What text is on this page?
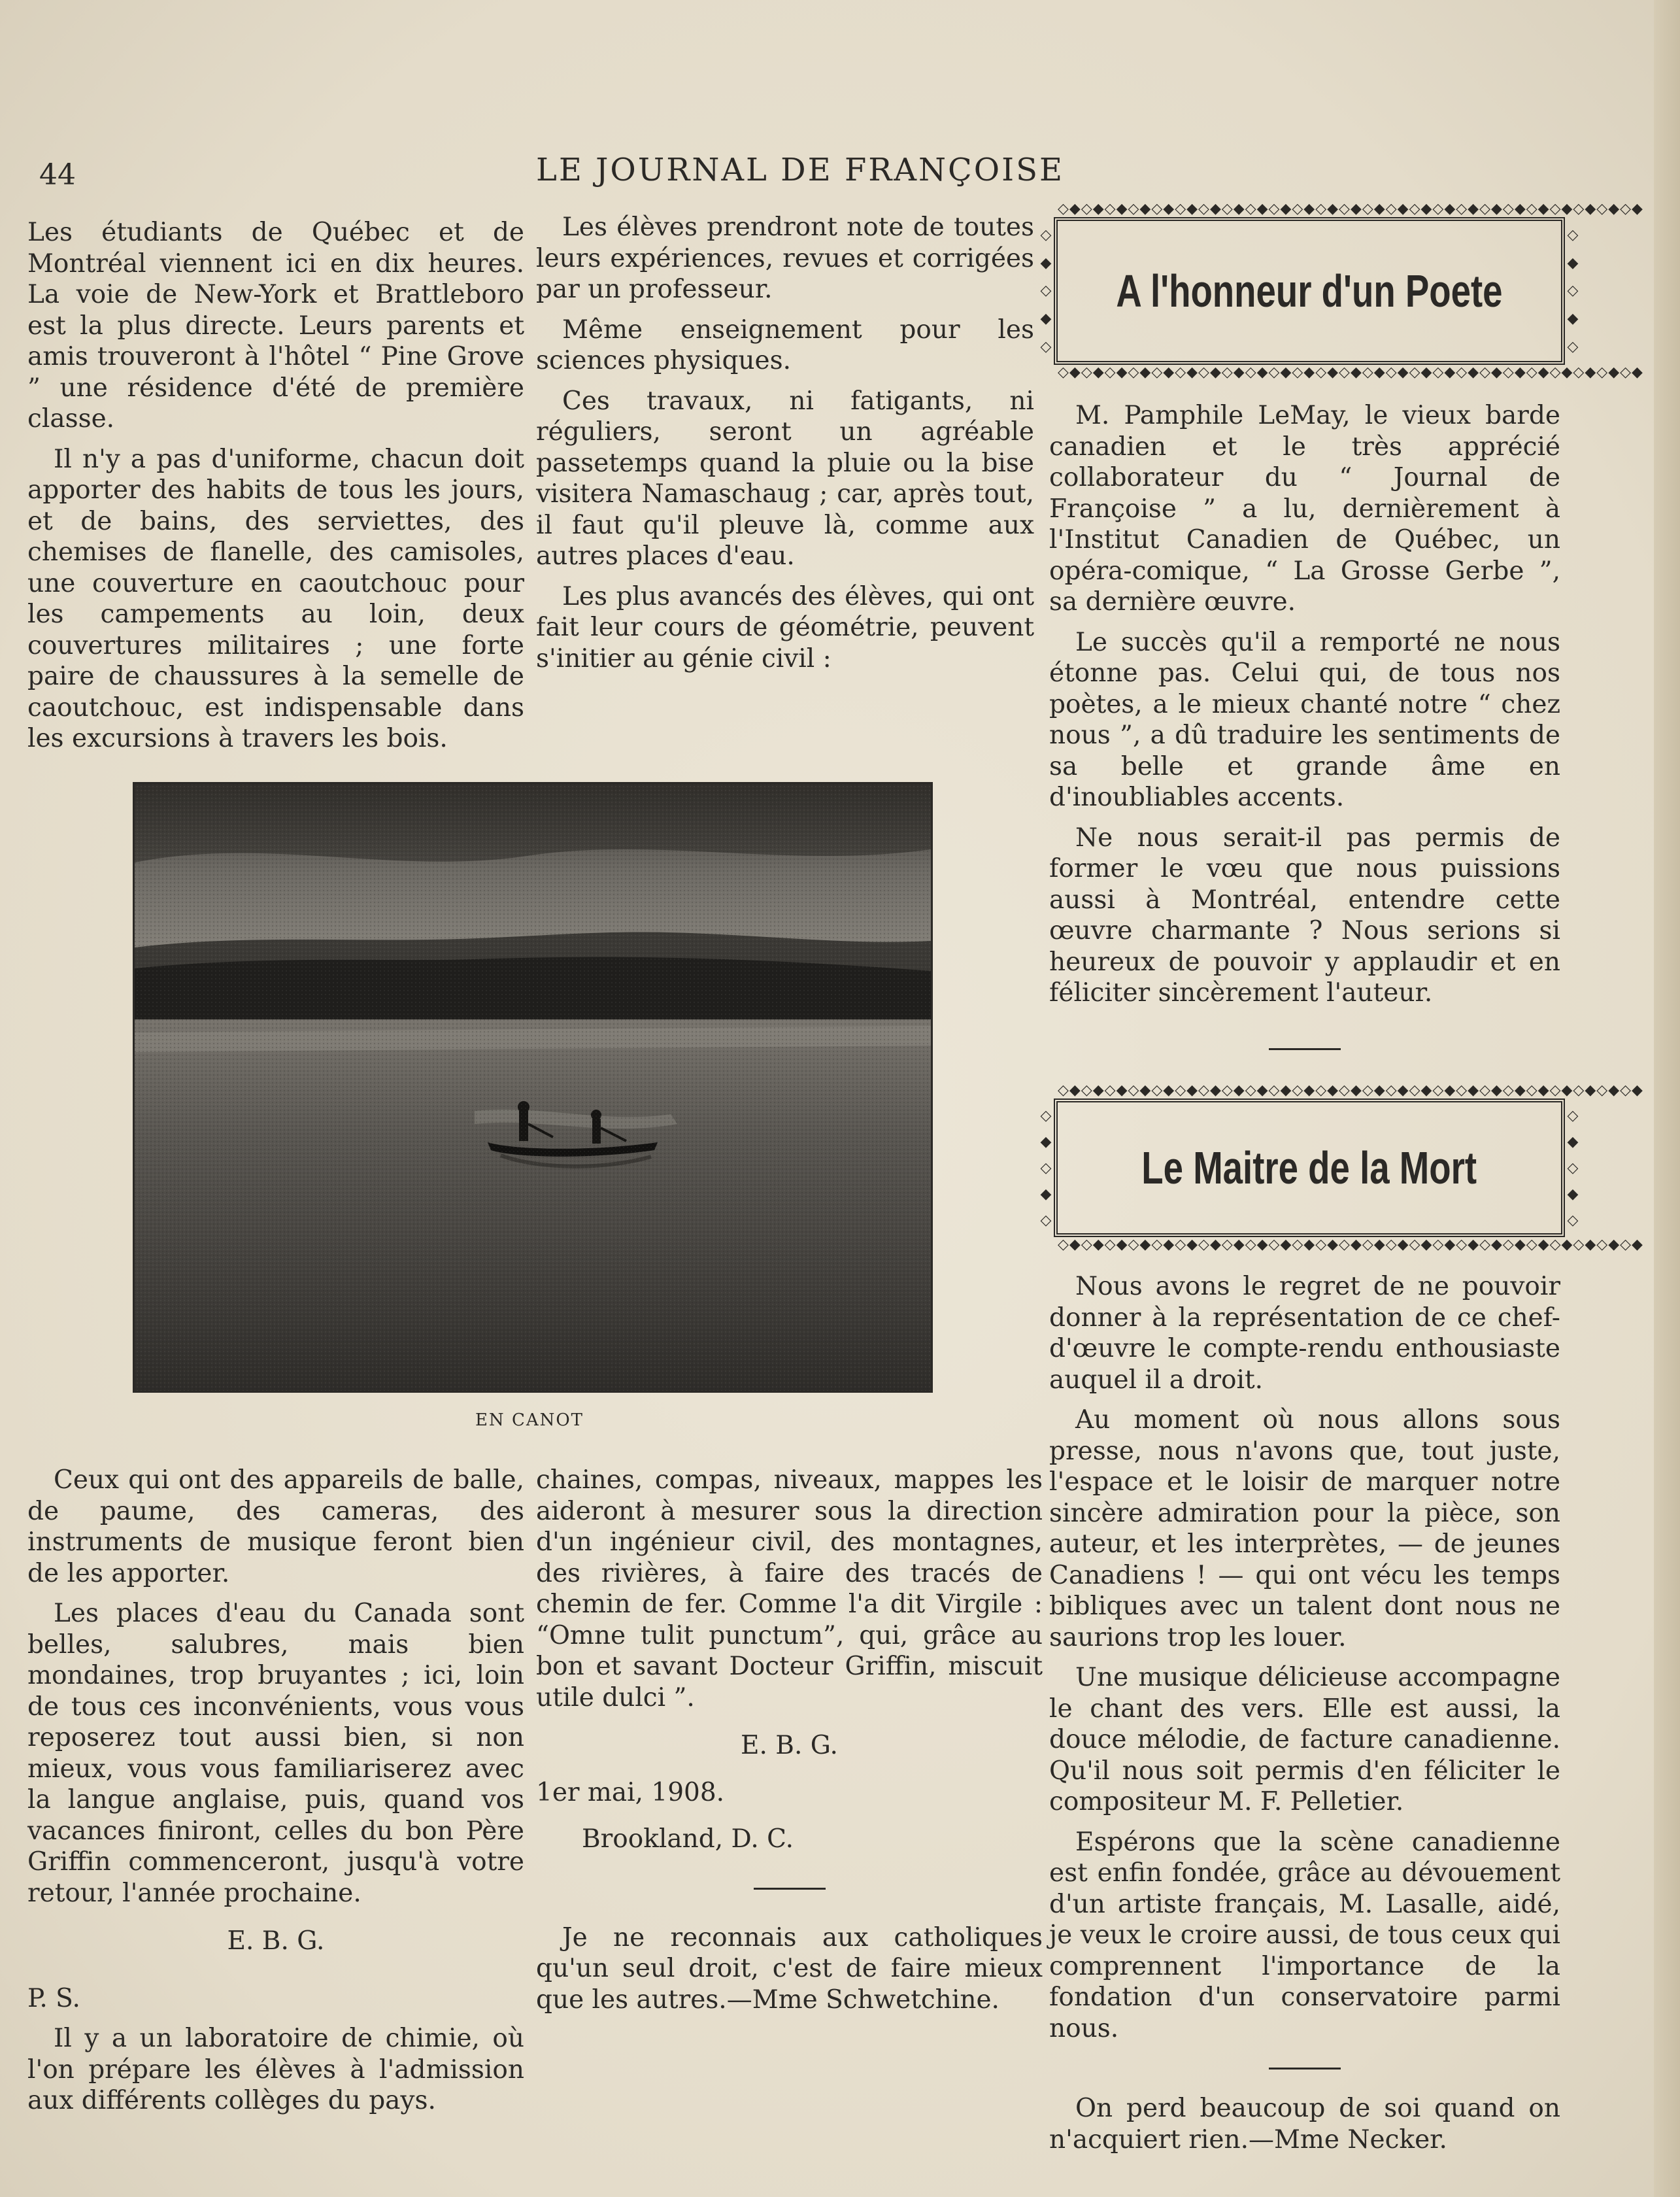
44	LE JOURNAL DE FRANÇOISE

Les étudiants de Québec et de Montréal viennent ici en dix heures. La voie de New-York et Brattleboro est la plus directe. Leurs parents et amis trouveront à l'hôtel “ Pine Grove ” une résidence d'été de première classe.

Il n'y a pas d'uniforme, chacun doit apporter des habits de tous les jours, et de bains, des serviettes, des chemises de flanelle, des camisoles, une couverture en caoutchouc pour les campements au loin, deux couvertures militaires ; une forte paire de chaussures à la semelle de caoutchouc, est indispensable dans les excursions à travers les bois.

Les élèves prendront note de toutes leurs expériences, revues et corrigées par un professeur.

Même enseignement pour les sciences physiques.

Ces travaux, ni fatigants, ni réguliers, seront un agréable passetemps quand la pluie ou la bise visitera Namaschaug ; car, après tout, il faut qu'il pleuve là, comme aux autres places d'eau.

Les plus avancés des élèves, qui ont fait leur cours de géométrie, peuvent s'initier au génie civil :

◇◆◇◆◇◆◇◆◇◆◇◆◇◆◇◆◇◆◇◆◇◆◇◆◇◆◇◆◇◆◇◆◇◆◇◆◇◆◇◆◇◆◇◆◇◆◇◆◇◆
◇
◆
◇
◆
◇
A l'honneur d'un Poete
◇
◆
◇
◆
◇
◇◆◇◆◇◆◇◆◇◆◇◆◇◆◇◆◇◆◇◆◇◆◇◆◇◆◇◆◇◆◇◆◇◆◇◆◇◆◇◆◇◆◇◆◇◆◇◆◇◆

M. Pamphile LeMay, le vieux barde canadien et le très apprécié collaborateur du “ Journal de Françoise ” a lu, dernièrement à l'Institut Canadien de Québec, un opéra-comique, “ La Grosse Gerbe ”, sa dernière œuvre.

Le succès qu'il a remporté ne nous étonne pas. Celui qui, de tous nos poètes, a le mieux chanté notre “ chez nous ”, a dû traduire les sentiments de sa belle et grande âme en d'inoubliables accents.

Ne nous serait-il pas permis de former le vœu que nous puissions aussi à Montréal, entendre cette œuvre charmante ? Nous serions si heureux de pouvoir y applaudir et en féliciter sincèrement l'auteur.

◇◆◇◆◇◆◇◆◇◆◇◆◇◆◇◆◇◆◇◆◇◆◇◆◇◆◇◆◇◆◇◆◇◆◇◆◇◆◇◆◇◆◇◆◇◆◇◆◇◆
◇
◆
◇
◆
◇
Le Maitre de la Mort
◇
◆
◇
◆
◇
◇◆◇◆◇◆◇◆◇◆◇◆◇◆◇◆◇◆◇◆◇◆◇◆◇◆◇◆◇◆◇◆◇◆◇◆◇◆◇◆◇◆◇◆◇◆◇◆◇◆
EN CANOT

Ceux qui ont des appareils de balle, de paume, des cameras, des instruments de musique feront bien de les apporter.

Les places d'eau du Canada sont belles, salubres, mais bien mondaines, trop bruyantes ; ici, loin de tous ces inconvénients, vous vous reposerez tout aussi bien, si non mieux, vous vous familiariserez avec la langue anglaise, puis, quand vos vacances finiront, celles du bon Père Griffin commenceront, jusqu'à votre retour, l'année prochaine.

E. B. G.

P. S.

Il y a un laboratoire de chimie, où l'on prépare les élèves à l'admission aux différents collèges du pays.

chaines, compas, niveaux, mappes les aideront à mesurer sous la direction d'un ingénieur civil, des montagnes, des rivières, à faire des tracés de chemin de fer. Comme l'a dit Virgile : “Omne tulit punctum”, qui, grâce au bon et savant Docteur Griffin, miscuit utile dulci ”.

E. B. G.

1er mai, 1908.

Brookland, D. C.

Je ne reconnais aux catholiques qu'un seul droit, c'est de faire mieux que les autres.—Mme Schwetchine.

Nous avons le regret de ne pouvoir donner à la représentation de ce chef-d'œuvre le compte-rendu enthousiaste auquel il a droit.

Au moment où nous allons sous presse, nous n'avons que, tout juste, l'espace et le loisir de marquer notre sincère admiration pour la pièce, son auteur, et les interprètes, — de jeunes Canadiens ! — qui ont vécu les temps bibliques avec un talent dont nous ne saurions trop les louer.

Une musique délicieuse accompagne le chant des vers. Elle est aussi, la douce mélodie, de facture canadienne. Qu'il nous soit permis d'en féliciter le compositeur M. F. Pelletier.

Espérons que la scène canadienne est enfin fondée, grâce au dévouement d'un artiste français, M. Lasalle, aidé, je veux le croire aussi, de tous ceux qui comprennent l'importance de la fondation d'un conservatoire parmi nous.

On perd beaucoup de soi quand on n'acquiert rien.—Mme Necker.
